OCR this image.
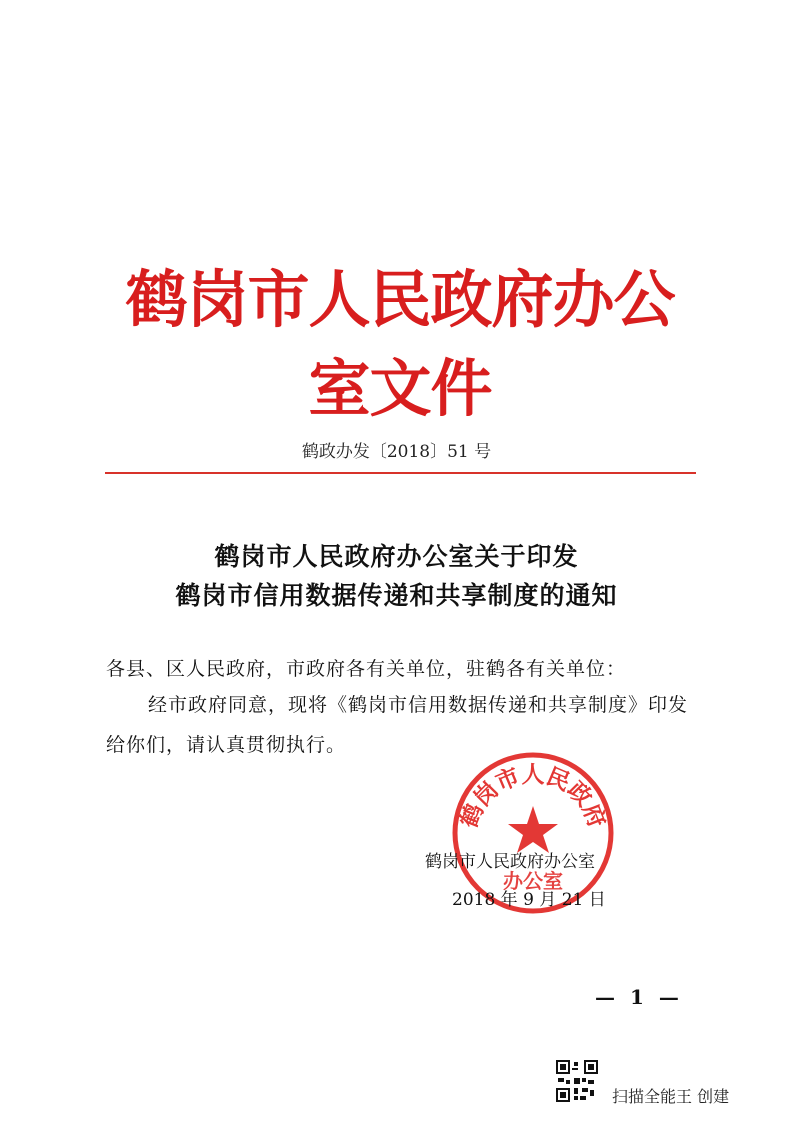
鹤岗市人民政府办公室文件
鹤政办发〔2018〕51 号
鹤岗市人民政府办公室关于印发
鹤岗市信用数据传递和共享制度的通知
各县、区人民政府，市政府各有关单位，驻鹤各有关单位：
经市政府同意，现将《鹤岗市信用数据传递和共享制度》印发
给你们，请认真贯彻执行。
鹤岗市人民政府
办公室
鹤岗市人民政府办公室
2018 年 9 月 21 日
— 1 —
扫描全能王 创建
